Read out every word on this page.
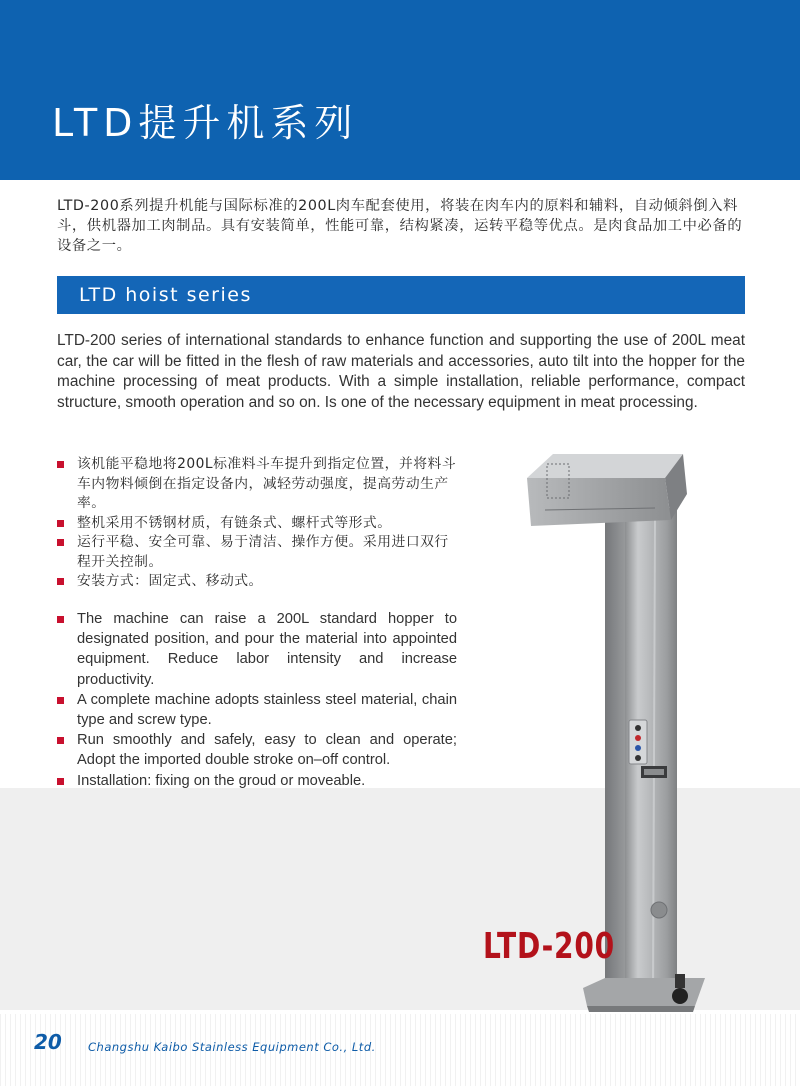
LTD提升机系列

LTD-200系列提升机能与国际标准的200L肉车配套使用，将装在肉车内的原料和辅料，自动倾斜倒入料斗，供机器加工肉制品。具有安装简单，性能可靠，结构紧凑，运转平稳等优点。是肉食品加工中必备的设备之一。

LTD hoist series

LTD-200 series of international standards to enhance function and supporting the use of 200L meat car, the car will be fitted in the flesh of raw materials and accessories, auto tilt into the hopper for the machine processing of meat products. With a simple installation, reliable performance, compact structure, smooth operation and so on. Is one of the necessary equipment in meat processing.

该机能平稳地将200L标准料斗车提升到指定位置，并将料斗车内物料倾倒在指定设备内，减轻劳动强度，提高劳动生产率。
整机采用不锈钢材质，有链条式、螺杆式等形式。
运行平稳、安全可靠、易于清洁、操作方便。采用进口双行程开关控制。
安装方式：固定式、移动式。
The machine can raise a 200L standard hopper to designated position, and pour the material into appointed equipment. Reduce labor intensity and increase productivity.
A complete machine adopts stainless steel material, chain type and screw type.
Run smoothly and safely, easy to clean and operate; Adopt the imported double stroke on–off control.
Installation: fixing on the groud or moveable.
LTD-200
20 Changshu Kaibo Stainless Equipment Co., Ltd.
